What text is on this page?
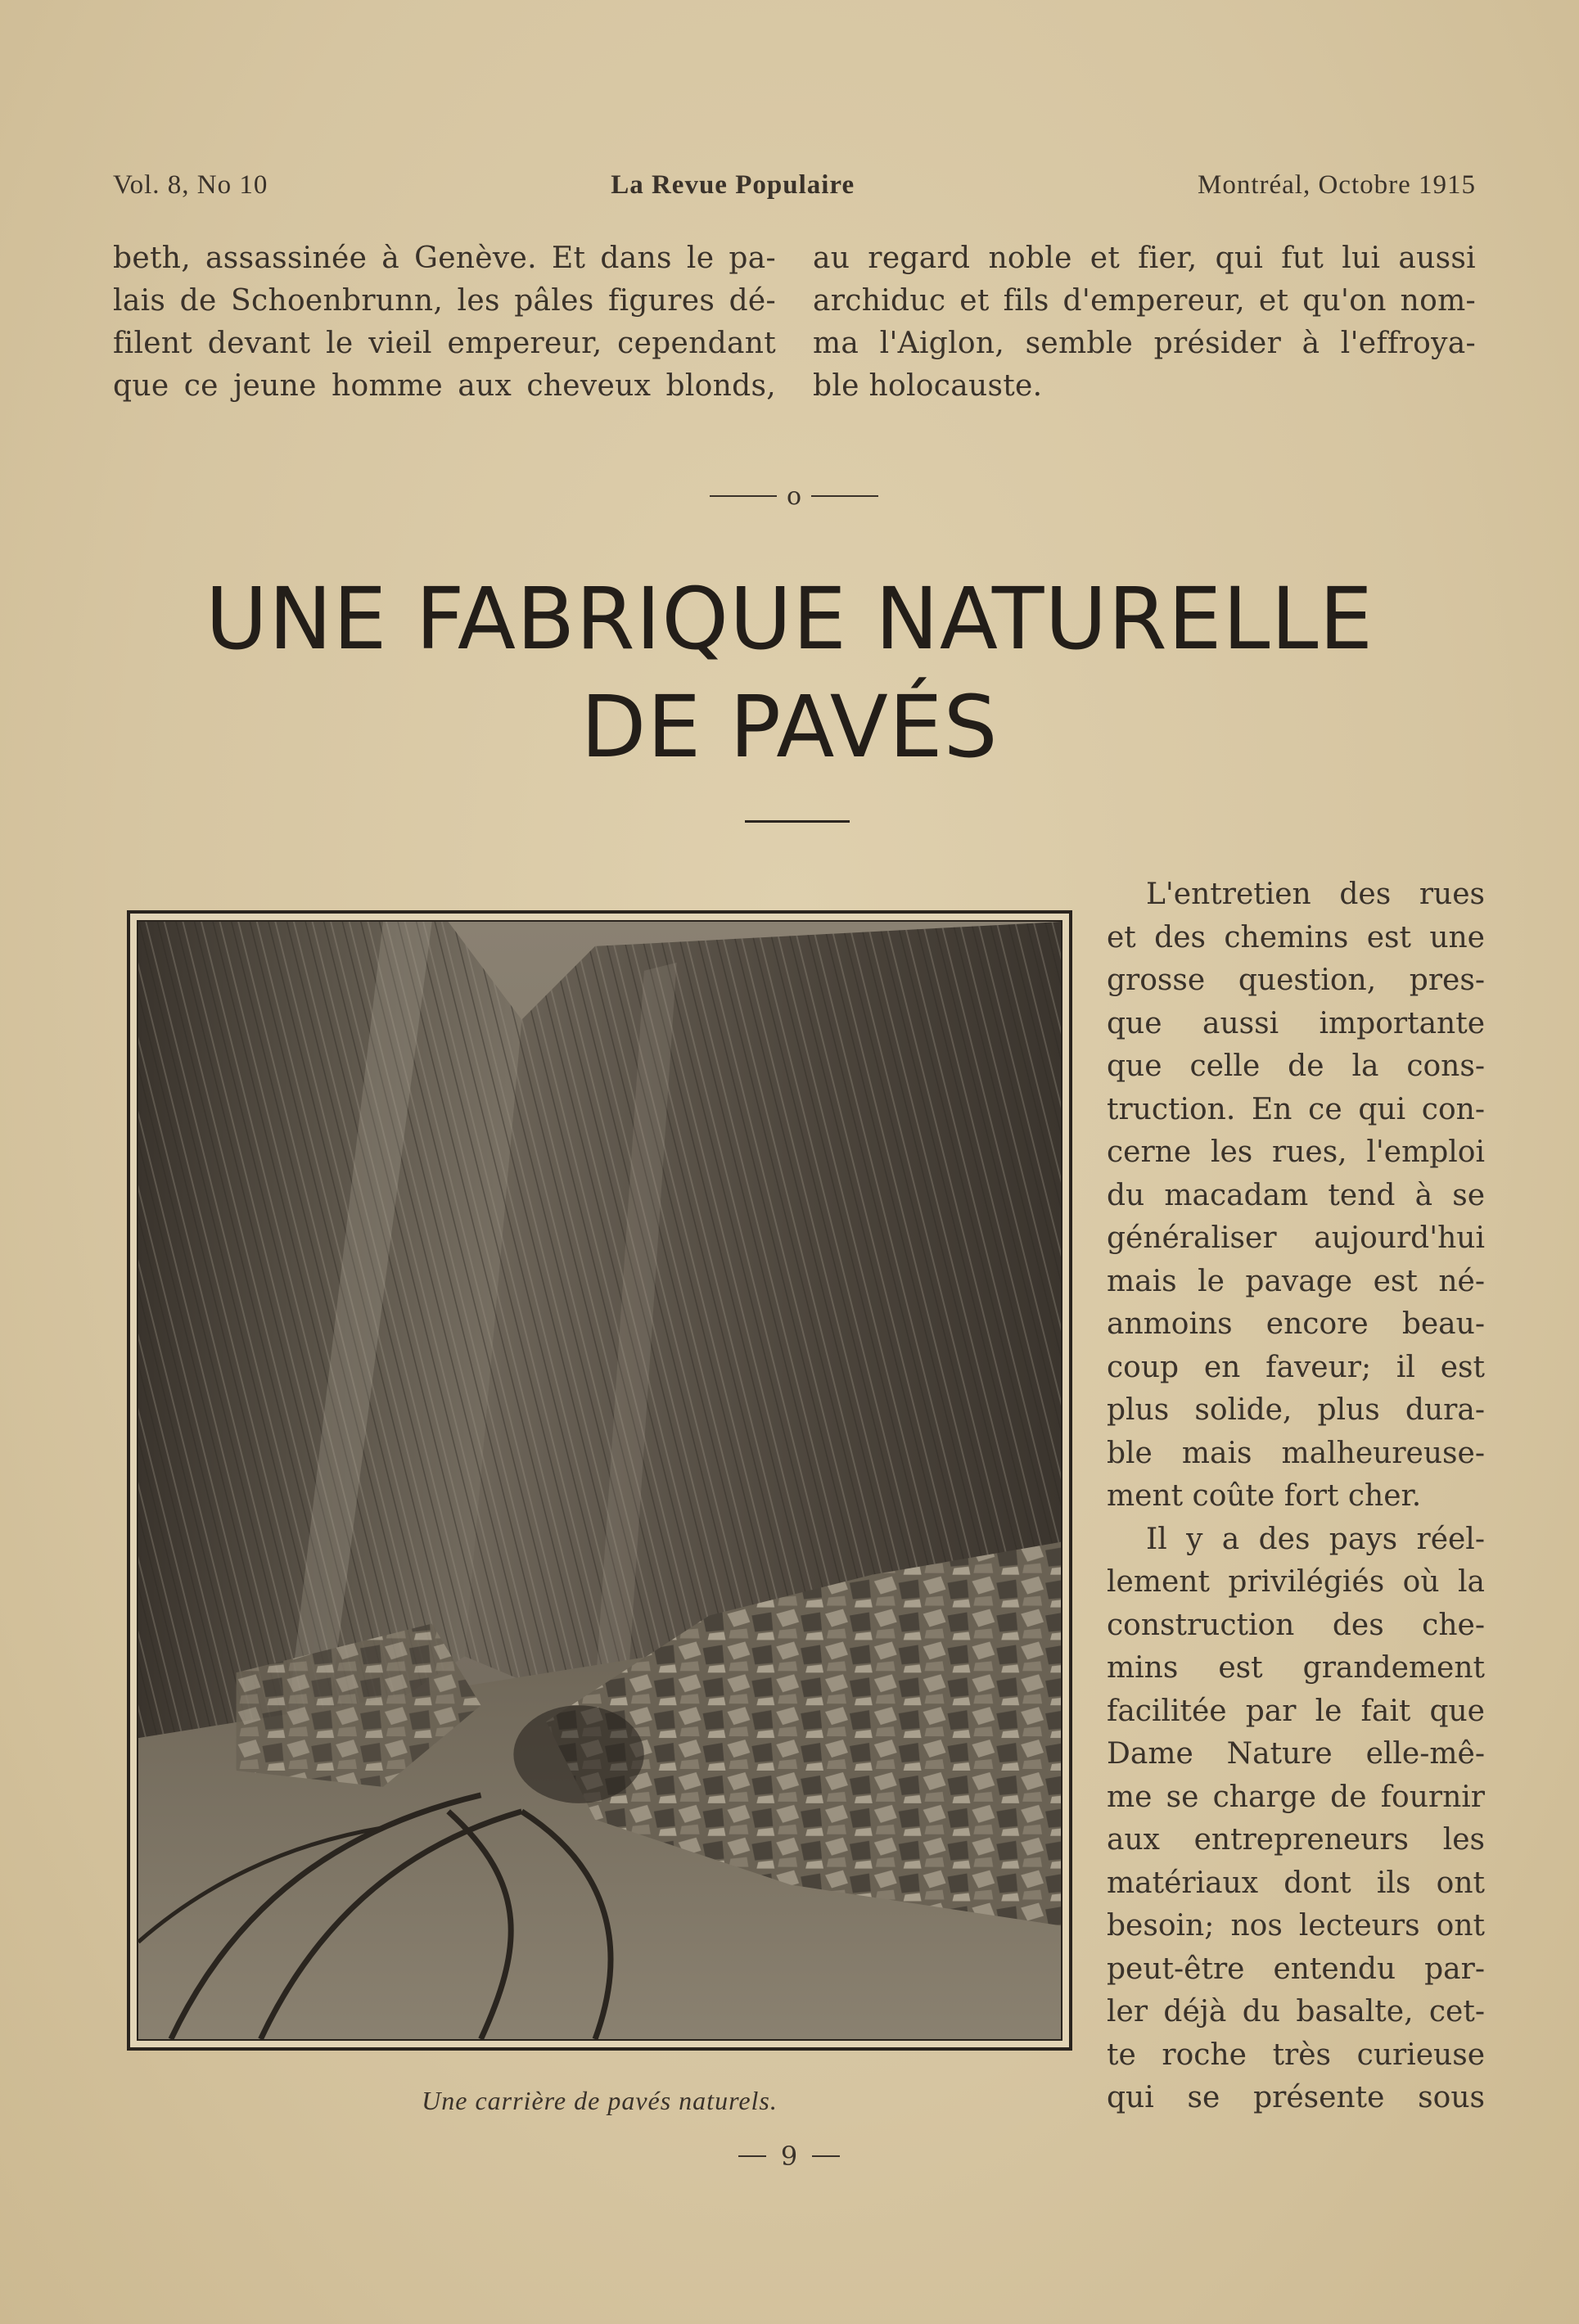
Vol. 8, No 10	La Revue Populaire	Montréal, Octobre 1915
beth, assassinée à Genève. Et dans le pa-
lais de Schoenbrunn, les pâles figures dé-
filent devant le vieil empereur, cependant
que ce jeune homme aux cheveux blonds,
au regard noble et fier, qui fut lui aussi
archiduc et fils d'empereur, et qu'on nom-
ma l'Aiglon, semble présider à l'effroya-
ble holocauste.
o
UNE FABRIQUE NATURELLE
DE PAVÉS
Une carrière de pavés naturels.
L'entretien des rues
et des chemins est une
grosse question, pres-
que aussi importante
que celle de la cons-
truction. En ce qui con-
cerne les rues, l'emploi
du macadam tend à se
généraliser aujourd'hui
mais le pavage est né-
anmoins encore beau-
coup en faveur; il est
plus solide, plus dura-
ble mais malheureuse-
ment coûte fort cher.
Il y a des pays réel-
lement privilégiés où la
construction des che-
mins est grandement
facilitée par le fait que
Dame Nature elle-mê-
me se charge de fournir
aux entrepreneurs les
matériaux dont ils ont
besoin; nos lecteurs ont
peut-être entendu par-
ler déjà du basalte, cet-
te roche très curieuse
qui se présente sous
9
